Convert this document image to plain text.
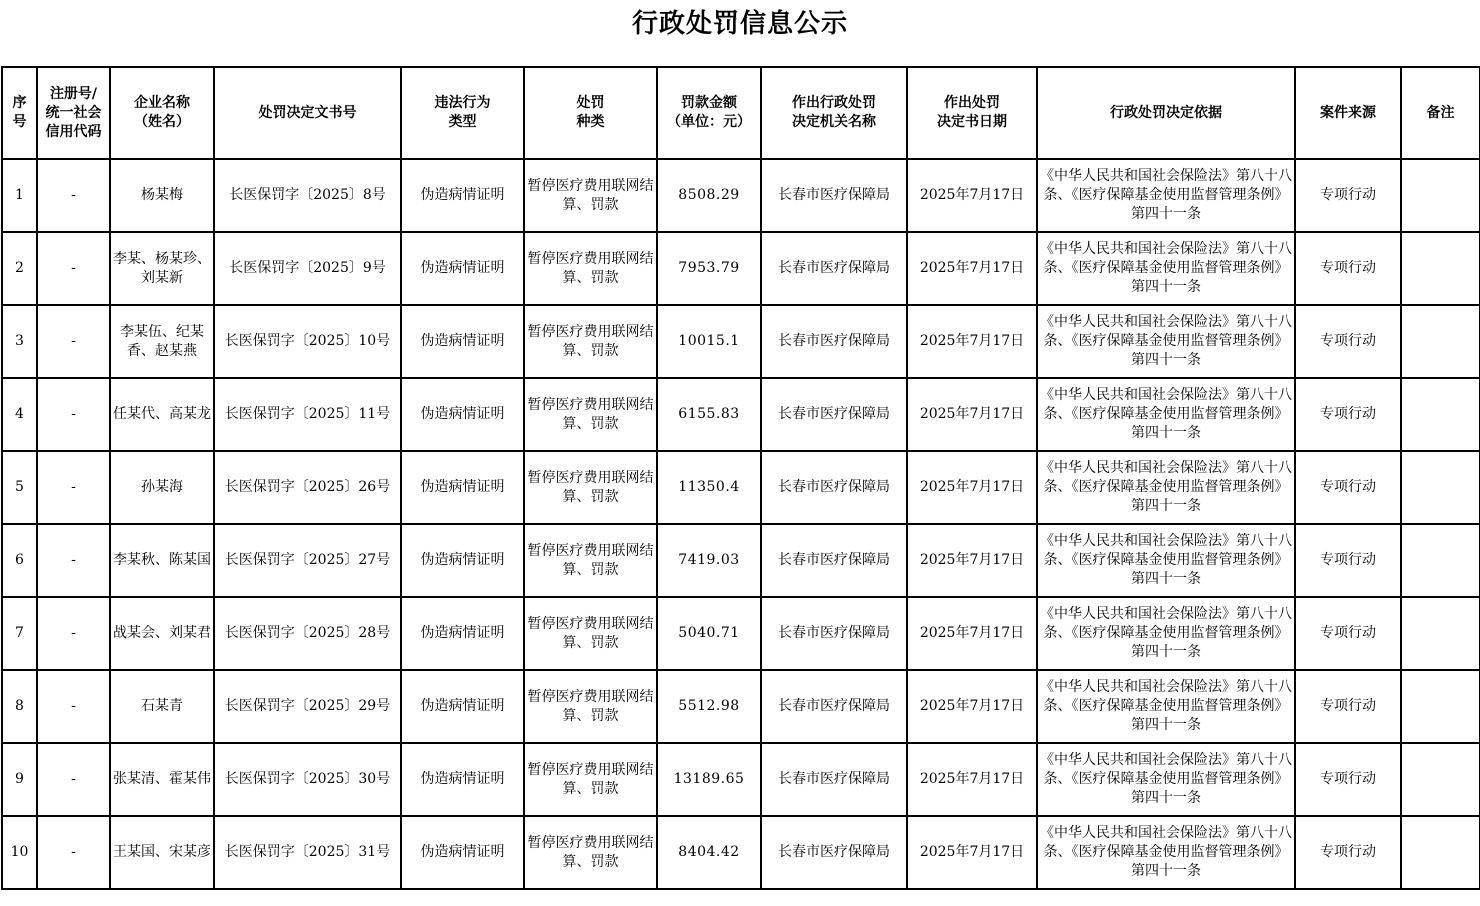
行政处罚信息公示
序
号	注册号/
统一社会
信用代码	企业名称
（姓名）	处罚决定文书号	违法行为
类型	处罚
种类	罚款金额
（单位：元）	作出行政处罚
决定机关名称	作出处罚
决定书日期	行政处罚决定依据	案件来源	备注

1	-	杨某梅	长医保罚字〔2025〕8号	伪造病情证明	暂停医疗费用联网结算、罚款	8508.29	长春市医疗保障局	2025年7月17日	《中华人民共和国社会保险法》第八十八条、《医疗保障基金使用监督管理条例》第四十一条	专项行动	
2	-	李某、杨某珍、刘某新	长医保罚字〔2025〕9号	伪造病情证明	暂停医疗费用联网结算、罚款	7953.79	长春市医疗保障局	2025年7月17日	《中华人民共和国社会保险法》第八十八条、《医疗保障基金使用监督管理条例》第四十一条	专项行动	
3	-	李某伍、纪某香、赵某燕	长医保罚字〔2025〕10号	伪造病情证明	暂停医疗费用联网结算、罚款	10015.1	长春市医疗保障局	2025年7月17日	《中华人民共和国社会保险法》第八十八条、《医疗保障基金使用监督管理条例》第四十一条	专项行动	
4	-	任某代、高某龙	长医保罚字〔2025〕11号	伪造病情证明	暂停医疗费用联网结算、罚款	6155.83	长春市医疗保障局	2025年7月17日	《中华人民共和国社会保险法》第八十八条、《医疗保障基金使用监督管理条例》第四十一条	专项行动	
5	-	孙某海	长医保罚字〔2025〕26号	伪造病情证明	暂停医疗费用联网结算、罚款	11350.4	长春市医疗保障局	2025年7月17日	《中华人民共和国社会保险法》第八十八条、《医疗保障基金使用监督管理条例》第四十一条	专项行动	
6	-	李某秋、陈某国	长医保罚字〔2025〕27号	伪造病情证明	暂停医疗费用联网结算、罚款	7419.03	长春市医疗保障局	2025年7月17日	《中华人民共和国社会保险法》第八十八条、《医疗保障基金使用监督管理条例》第四十一条	专项行动	
7	-	战某会、刘某君	长医保罚字〔2025〕28号	伪造病情证明	暂停医疗费用联网结算、罚款	5040.71	长春市医疗保障局	2025年7月17日	《中华人民共和国社会保险法》第八十八条、《医疗保障基金使用监督管理条例》第四十一条	专项行动	
8	-	石某青	长医保罚字〔2025〕29号	伪造病情证明	暂停医疗费用联网结算、罚款	5512.98	长春市医疗保障局	2025年7月17日	《中华人民共和国社会保险法》第八十八条、《医疗保障基金使用监督管理条例》第四十一条	专项行动	
9	-	张某清、霍某伟	长医保罚字〔2025〕30号	伪造病情证明	暂停医疗费用联网结算、罚款	13189.65	长春市医疗保障局	2025年7月17日	《中华人民共和国社会保险法》第八十八条、《医疗保障基金使用监督管理条例》第四十一条	专项行动	
10	-	王某国、宋某彦	长医保罚字〔2025〕31号	伪造病情证明	暂停医疗费用联网结算、罚款	8404.42	长春市医疗保障局	2025年7月17日	《中华人民共和国社会保险法》第八十八条、《医疗保障基金使用监督管理条例》第四十一条	专项行动	
